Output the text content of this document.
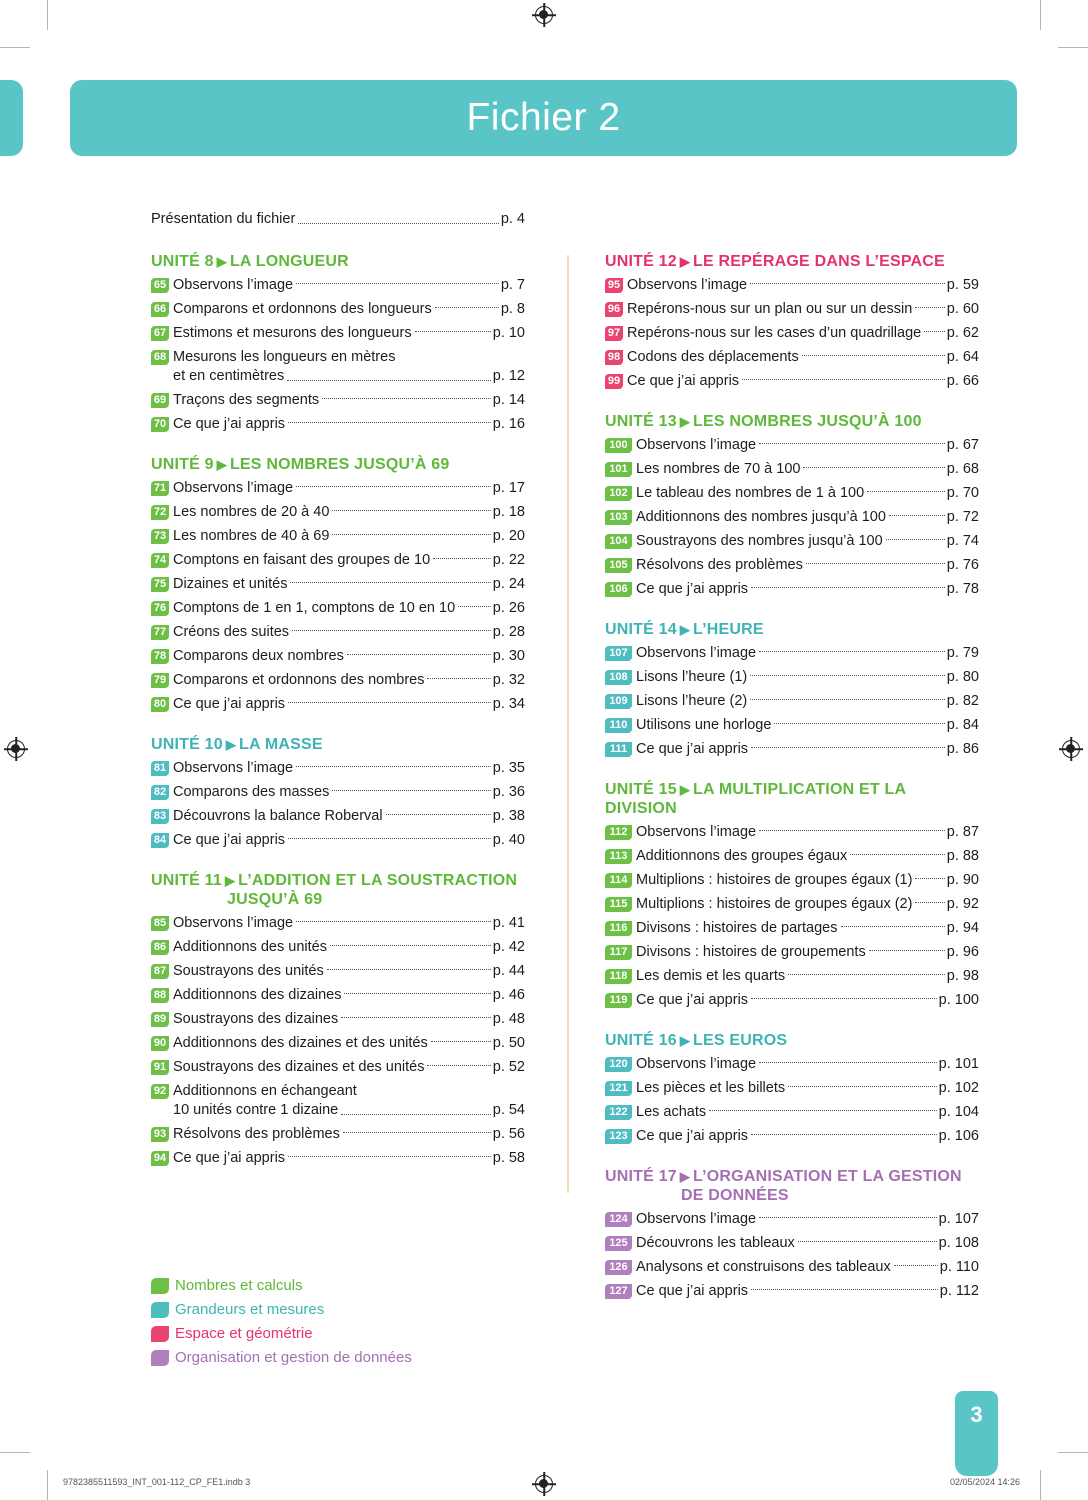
Fichier 2
Présentation du fichier	p. 4
UNITÉ 8 ▶ LA LONGUEUR
65 Observons l’image	p. 7
66 Comparons et ordonnons des longueurs	p. 8
67 Estimons et mesurons des longueurs	p. 10
68 Mesurons les longueurs en mètres
et en centimètres	p. 12
69 Traçons des segments	p. 14
70 Ce que j’ai appris	p. 16
UNITÉ 9 ▶ LES NOMBRES JUSQU’À 69
71 Observons l’image	p. 17
72 Les nombres de 20 à 40	p. 18
73 Les nombres de 40 à 69	p. 20
74 Comptons en faisant des groupes de 10	p. 22
75 Dizaines et unités	p. 24
76 Comptons de 1 en 1, comptons de 10 en 10	p. 26
77 Créons des suites	p. 28
78 Comparons deux nombres	p. 30
79 Comparons et ordonnons des nombres	p. 32
80 Ce que j’ai appris	p. 34
UNITÉ 10 ▶ LA MASSE
81 Observons l’image	p. 35
82 Comparons des masses	p. 36
83 Découvrons la balance Roberval	p. 38
84 Ce que j’ai appris	p. 40
UNITÉ 11 ▶ L’ADDITION ET LA SOUSTRACTION
JUSQU’À 69
85 Observons l’image	p. 41
86 Additionnons des unités	p. 42
87 Soustrayons des unités	p. 44
88 Additionnons des dizaines	p. 46
89 Soustrayons des dizaines	p. 48
90 Additionnons des dizaines et des unités	p. 50
91 Soustrayons des dizaines et des unités	p. 52
92 Additionnons en échangeant
10 unités contre 1 dizaine	p. 54
93 Résolvons des problèmes	p. 56
94 Ce que j’ai appris	p. 58
UNITÉ 12 ▶ LE REPÉRAGE DANS L’ESPACE
95 Observons l’image	p. 59
96 Repérons-nous sur un plan ou sur un dessin p. 60
97 Repérons-nous sur les cases d’un quadrillage p. 62
98 Codons des déplacements	p. 64
99 Ce que j’ai appris	p. 66
UNITÉ 13 ▶ LES NOMBRES JUSQU’À 100
100 Observons l’image	p. 67
101 Les nombres de 70 à 100	p. 68
102 Le tableau des nombres de 1 à 100	p. 70
103 Additionnons des nombres jusqu’à 100	p. 72
104 Soustrayons des nombres jusqu’à 100	p. 74
105 Résolvons des problèmes	p. 76
106 Ce que j’ai appris	p. 78
UNITÉ 14 ▶ L’HEURE
107 Observons l’image	p. 79
108 Lisons l’heure (1)	p. 80
109 Lisons l’heure (2)	p. 82
110 Utilisons une horloge	p. 84
111 Ce que j’ai appris	p. 86
UNITÉ 15 ▶ LA MULTIPLICATION ET LA DIVISION
112 Observons l’image	p. 87
113 Additionnons des groupes égaux	p. 88
114 Multiplions : histoires de groupes égaux (1) p. 90
115 Multiplions : histoires de groupes égaux (2) p. 92
116 Divisons : histoires de partages	p. 94
117 Divisons : histoires de groupements	p. 96
118 Les demis et les quarts	p. 98
119 Ce que j’ai appris	p. 100
UNITÉ 16 ▶ LES EUROS
120 Observons l’image	p. 101
121 Les pièces et les billets	p. 102
122 Les achats	p. 104
123 Ce que j’ai appris	p. 106
UNITÉ 17 ▶ L’ORGANISATION ET LA GESTION
DE DONNÉES
124 Observons l’image	p. 107
125 Découvrons les tableaux	p. 108
126 Analysons et construisons des tableaux	p. 110
127 Ce que j’ai appris	p. 112
Nombres et calculs
Grandeurs et mesures
Espace et géométrie
Organisation et gestion de données
3
9782385511593_INT_001-112_CP_FE1.indb 3	02/05/2024 14:26
